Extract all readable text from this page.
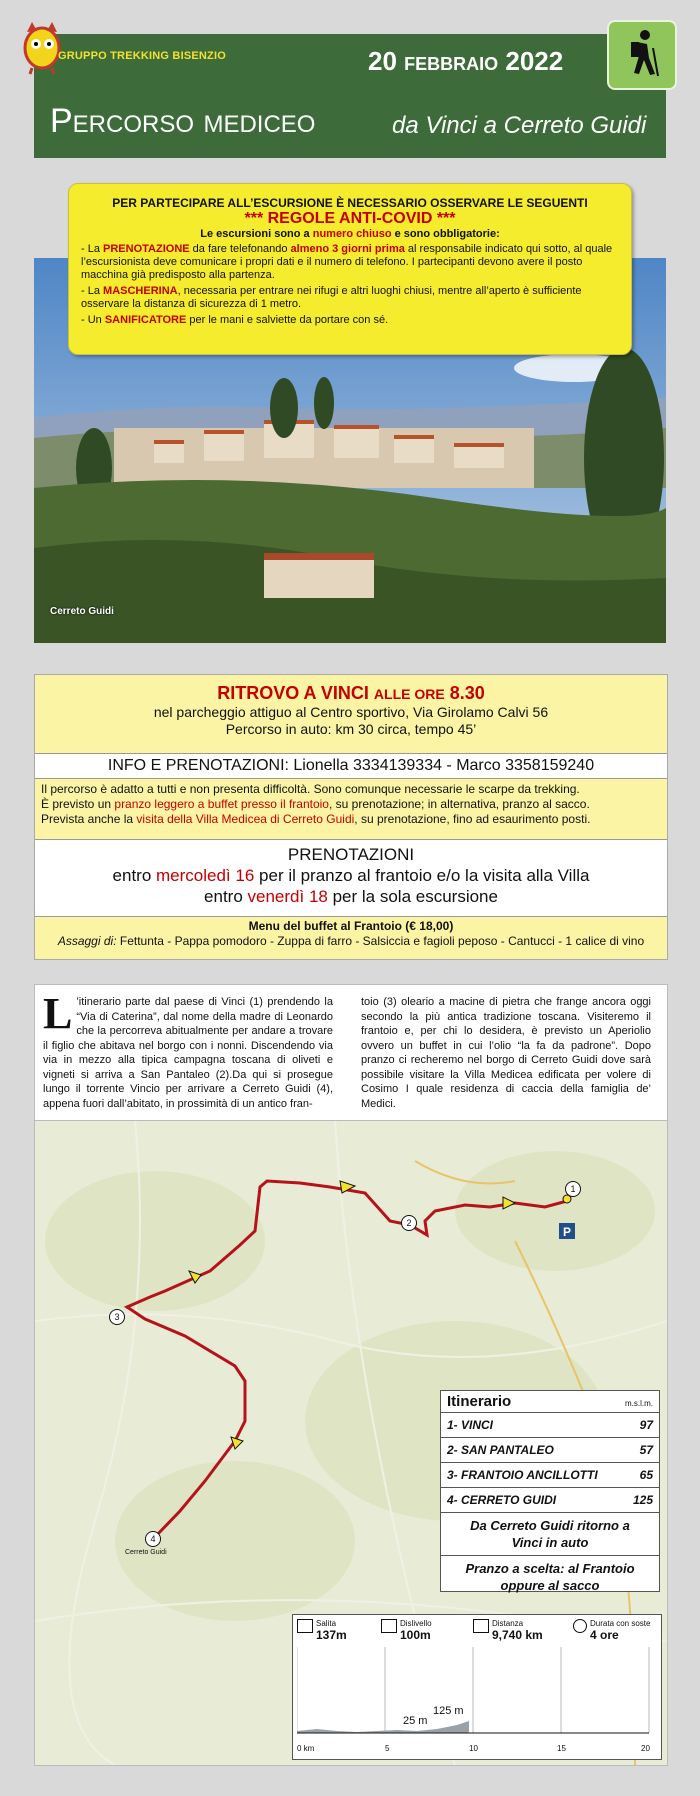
GRUPPO TREKKING BISENZIO	20 FEBBRAIO 2022
Percorso mediceo	da Vinci a Cerreto Guidi
Cerreto Guidi
PER PARTECIPARE ALL’ESCURSIONE È NECESSARIO OSSERVARE LE SEGUENTI
*** REGOLE ANTI-COVID ***
Le escursioni sono a numero chiuso e sono obbligatorie:
- La PRENOTAZIONE da fare telefonando almeno 3 giorni prima al responsabile indicato qui sotto, al quale l’escursionista deve comunicare i propri dati e il numero di telefono. I partecipanti devono avere il posto macchina già predisposto alla partenza.
- La MASCHERINA, necessaria per entrare nei rifugi e altri luoghi chiusi, mentre all’aperto è sufficiente osservare la distanza di sicurezza di 1 metro.
- Un SANIFICATORE per le mani e salviette da portare con sé.
RITROVO A VINCI ALLE ORE 8.30
nel parcheggio attiguo al Centro sportivo, Via Girolamo Calvi 56
Percorso in auto: km 30 circa, tempo 45’
INFO E PRENOTAZIONI: Lionella 3334139334 - Marco 3358159240
Il percorso è adatto a tutti e non presenta difficoltà. Sono comunque necessarie le scarpe da trekking.
È previsto un pranzo leggero a buffet presso il frantoio, su prenotazione; in alternativa, pranzo al sacco.
Prevista anche la visita della Villa Medicea di Cerreto Guidi, su prenotazione, fino ad esaurimento posti.
PRENOTAZIONI
entro mercoledì 16 per il pranzo al frantoio e/o la visita alla Villa
entro venerdì 18 per la sola escursione
Menu del buffet al Frantoio (€ 18,00)
Assaggi di: Fettunta - Pappa pomodoro - Zuppa di farro - Salsiccia e fagioli peposo - Cantucci - 1 calice di vino
L ’itinerario parte dal paese di Vinci (1) prendendo la “Via di Caterina”, dal nome della madre di Leonardo che la percorreva abitualmente per andare a trovare il figlio che abitava nel borgo con i nonni. Discendendo via via in mezzo alla tipica campagna toscana di oliveti e vigneti si arriva a San Pantaleo (2).Da qui si prosegue lungo il torrente Vincio per arrivare a Cerreto Guidi (4), appena fuori dall’abitato, in prossimità di un antico fran-
toio (3) oleario a macine di pietra che frange ancora oggi secondo la più antica tradizione toscana. Visiteremo il frantoio e, per chi lo desidera, è previsto un Aperiolio ovvero un buffet in cui l’olio “la fa da padrone”. Dopo pranzo ci recheremo nel borgo di Cerreto Guidi dove sarà possibile visitare la Villa Medicea edificata per volere di Cosimo I quale residenza di caccia della famiglia de’ Medici.
P
1
2
3
4
Cerreto Guidi
Itinerario	m.s.l.m.
1- VINCI	97
2- SAN PANTALEO	57
3- FRANTOIO ANCILLOTTI	65
4- CERRETO GUIDI	125
Da Cerreto Guidi ritorno a Vinci in auto
Pranzo a scelta: al Frantoio oppure al sacco
Salita
137m
Dislivello
100m
Distanza
9,740 km
Durata con soste
4 ore
25 m
125 m
0 km	5	10	15	20
